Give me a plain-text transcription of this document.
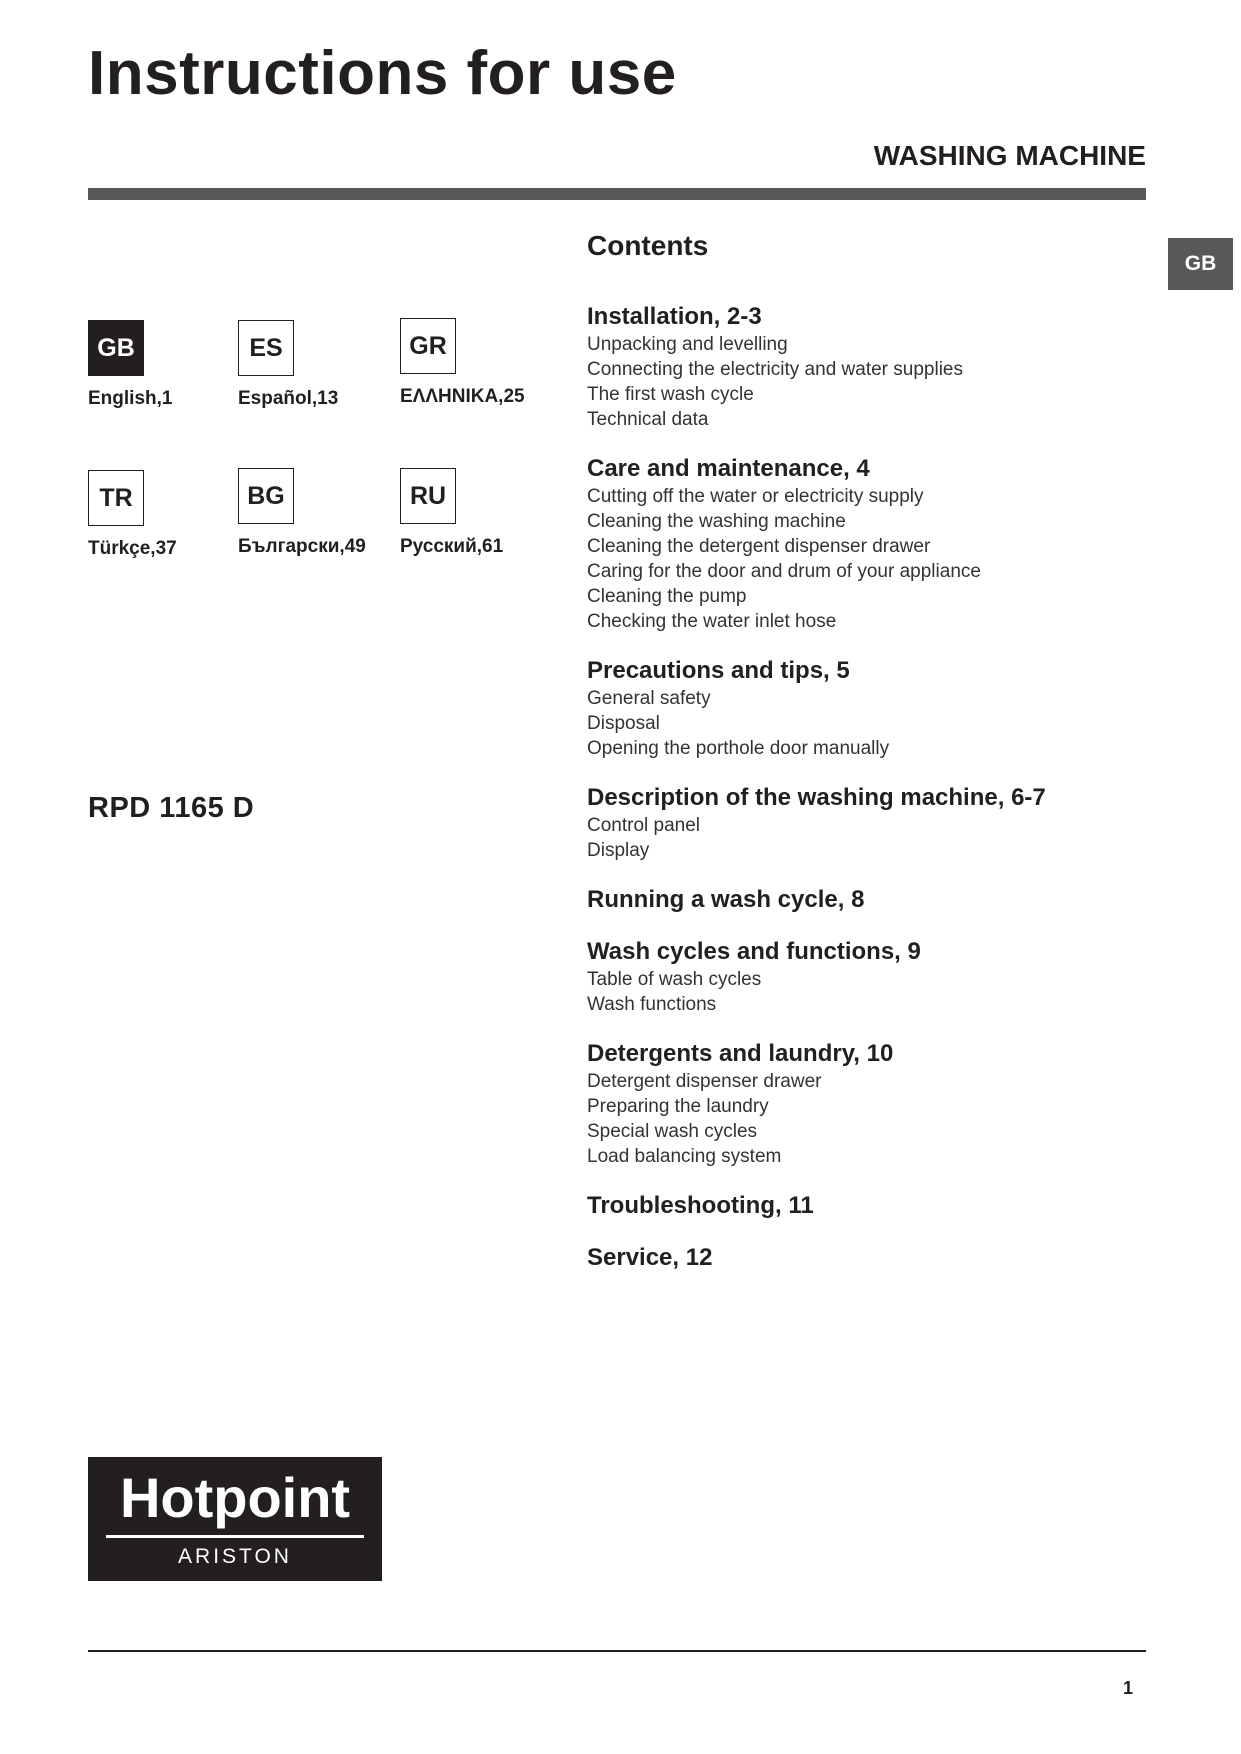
Instructions for use
WASHING MACHINE
GB
GB
English,1
ES
Español,13
GR
ΕΛΛΗΝΙΚΑ,25
TR
Türkçe,37
BG
Български,49
RU
Русский,61
RPD 1165 D
Hotpoint
ARISTON
Contents
Installation, 2-3
Unpacking and levelling
Connecting the electricity and water supplies
The first wash cycle
Technical data
Care and maintenance, 4
Cutting off the water or electricity supply
Cleaning the washing machine
Cleaning the detergent dispenser drawer
Caring for the door and drum of your appliance
Cleaning the pump
Checking the water inlet hose
Precautions and tips, 5
General safety
Disposal
Opening the porthole door manually
Description of the washing machine, 6-7
Control panel
Display
Running a wash cycle, 8
Wash cycles and functions, 9
Table of wash cycles
Wash functions
Detergents and laundry, 10
Detergent dispenser drawer
Preparing the laundry
Special wash cycles
Load balancing system
Troubleshooting, 11
Service, 12
1
